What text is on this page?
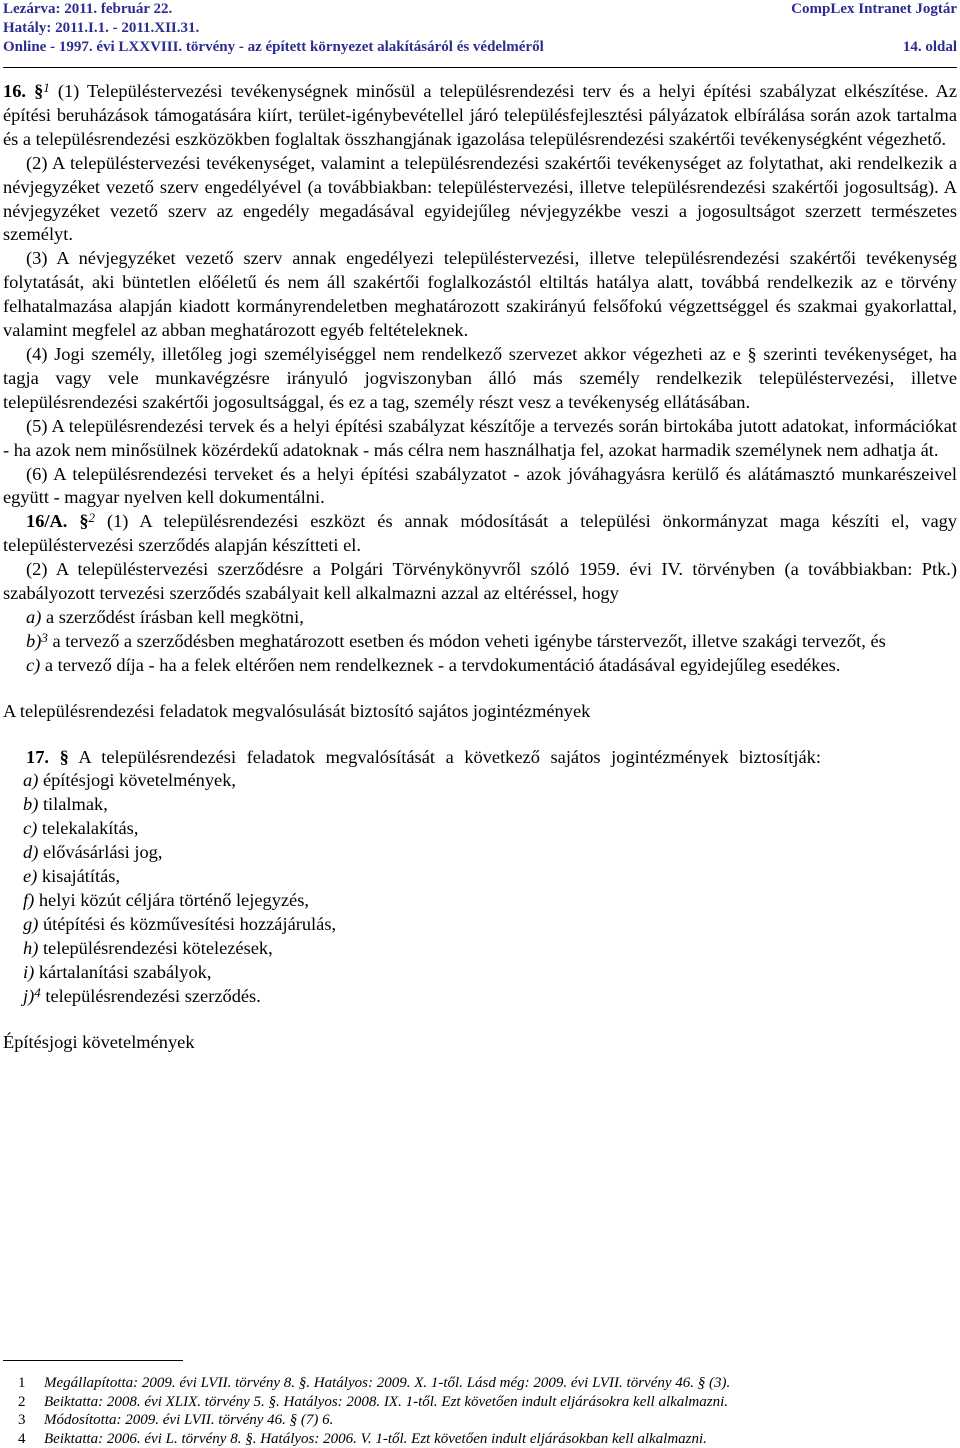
Lezárva: 2011. február 22.	CompLex Intranet Jogtár
Hatály: 2011.I.1. - 2011.XII.31.
Online - 1997. évi LXXVIII. törvény - az épített környezet alakításáról és védelméről	14. oldal

16. §$^1$ (1) Településtervezési tevékenységnek minősül a településrendezési terv és a helyi építési szabályzat elkészítése. Az építési beruházások támogatására kiírt, terület-igénybevétellel járó településfejlesztési pályázatok elbírálása során azok tartalma és a településrendezési eszközökben foglaltak összhangjának igazolása településrendezési szakértői tevékenységként végezhető.

(2) A településtervezési tevékenységet, valamint a településrendezési szakértői tevékenységet az folytathat, aki rendelkezik a névjegyzéket vezető szerv engedélyével (a továbbiakban: településtervezési, illetve településrendezési szakértői jogosultság). A névjegyzéket vezető szerv az engedély megadásával egyidejűleg névjegyzékbe veszi a jogosultságot szerzett természetes személyt.

(3) A névjegyzéket vezető szerv annak engedélyezi településtervezési, illetve településrendezési szakértői tevékenység folytatását, aki büntetlen előéletű és nem áll szakértői foglalkozástól eltiltás hatálya alatt, továbbá rendelkezik az e törvény felhatalmazása alapján kiadott kormányrendeletben meghatározott szakirányú felsőfokú végzettséggel és szakmai gyakorlattal, valamint megfelel az abban meghatározott egyéb feltételeknek.

(4) Jogi személy, illetőleg jogi személyiséggel nem rendelkező szervezet akkor végezheti az e § szerinti tevékenységet, ha tagja vagy vele munkavégzésre irányuló jogviszonyban álló más személy rendelkezik településtervezési, illetve településrendezési szakértői jogosultsággal, és ez a tag, személy részt vesz a tevékenység ellátásában.

(5) A településrendezési tervek és a helyi építési szabályzat készítője a tervezés során birtokába jutott adatokat, információkat - ha azok nem minősülnek közérdekű adatoknak - más célra nem használhatja fel, azokat harmadik személynek nem adhatja át.

(6) A településrendezési terveket és a helyi építési szabályzatot - azok jóváhagyásra kerülő és alátámasztó munkarészeivel együtt - magyar nyelven kell dokumentálni.

16/A. §$^2$ (1) A településrendezési eszközt és annak módosítását a települési önkormányzat maga készíti el, vagy településtervezési szerződés alapján készítteti el.

(2) A településtervezési szerződésre a Polgári Törvénykönyvről szóló 1959. évi IV. törvényben (a továbbiakban: Ptk.) szabályozott tervezési szerződés szabályait kell alkalmazni azzal az eltéréssel, hogy

a) a szerződést írásban kell megkötni,

b)$^3$ a tervező a szerződésben meghatározott esetben és módon veheti igénybe társtervezőt, illetve szakági tervezőt, és

c) a tervező díja - ha a felek eltérően nem rendelkeznek - a tervdokumentáció átadásával egyidejűleg esedékes.

A településrendezési feladatok megvalósulását biztosító sajátos jogintézmények

17. § A településrendezési feladatok megvalósítását a következő sajátos jogintézmények biztosítják:

a) építésjogi követelmények,

b) tilalmak,

c) telekalakítás,

d) elővásárlási jog,

e) kisajátítás,

f) helyi közút céljára történő lejegyzés,

g) útépítési és közművesítési hozzájárulás,

h) településrendezési kötelezések,

i) kártalanítási szabályok,

j)$^4$ településrendezési szerződés.

Építésjogi követelmények

1	Megállapította: 2009. évi LVII. törvény 8. §. Hatályos: 2009. X. 1-től. Lásd még: 2009. évi LVII. törvény 46. § (3).
2	Beiktatta: 2008. évi XLIX. törvény 5. §. Hatályos: 2008. IX. 1-től. Ezt követően indult eljárásokra kell alkalmazni.
3	Módosította: 2009. évi LVII. törvény 46. § (7) 6.
4	Beiktatta: 2006. évi L. törvény 8. §. Hatályos: 2006. V. 1-től. Ezt követően indult eljárásokban kell alkalmazni.
